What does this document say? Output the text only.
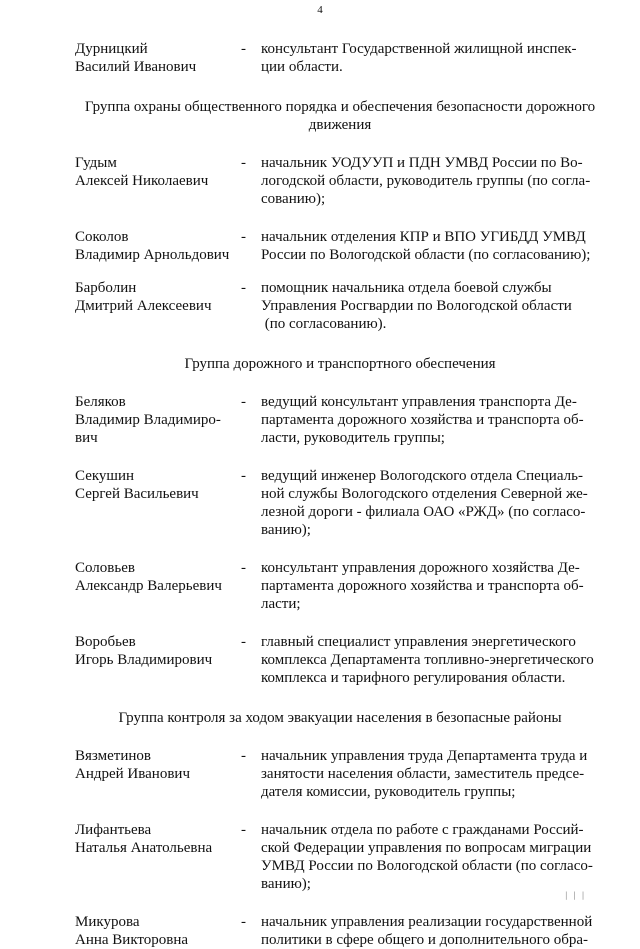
4
Дурницкий
Василий Иванович
-	консультант Государственной жилищной инспек-
ции области.
Группа охраны общественного порядка и обеспечения безопасности дорожного
движения
Гудым
Алексей Николаевич
-	начальник УОДУУП и ПДН УМВД России по Во-
логодской области, руководитель группы (по согла-
сованию);
Соколов
Владимир Арнольдович
-	начальник отделения КПР и ВПО УГИБДД УМВД
России по Вологодской области (по согласованию);
Барболин
Дмитрий Алексеевич
-	помощник начальника отдела боевой службы
Управления Росгвардии по Вологодской области
(по согласованию).
Группа дорожного и транспортного обеспечения
Беляков
Владимир Владимиро-
вич
-	ведущий консультант управления транспорта Де-
партамента дорожного хозяйства и транспорта об-
ласти, руководитель группы;
Секушин
Сергей Васильевич
-	ведущий инженер Вологодского отдела Специаль-
ной службы Вологодского отделения Северной же-
лезной дороги - филиала ОАО «РЖД» (по согласо-
ванию);
Соловьев
Александр Валерьевич
-	консультант управления дорожного хозяйства Де-
партамента дорожного хозяйства и транспорта об-
ласти;
Воробьев
Игорь Владимирович
-	главный специалист управления энергетического
комплекса Департамента топливно-энергетического
комплекса и тарифного регулирования области.
Группа контроля за ходом эвакуации населения в безопасные районы
Вязметинов
Андрей Иванович
-	начальник управления труда Департамента труда и
занятости населения области, заместитель предсе-
дателя комиссии, руководитель группы;
Лифантьева
Наталья Анатольевна
-	начальник отдела по работе с гражданами Россий-
ской Федерации управления по вопросам миграции
УМВД России по Вологодской области (по согласо-
ванию);
Микурова
Анна Викторовна
-	начальник управления реализации государственной
политики в сфере общего и дополнительного обра-
▏▏▏
